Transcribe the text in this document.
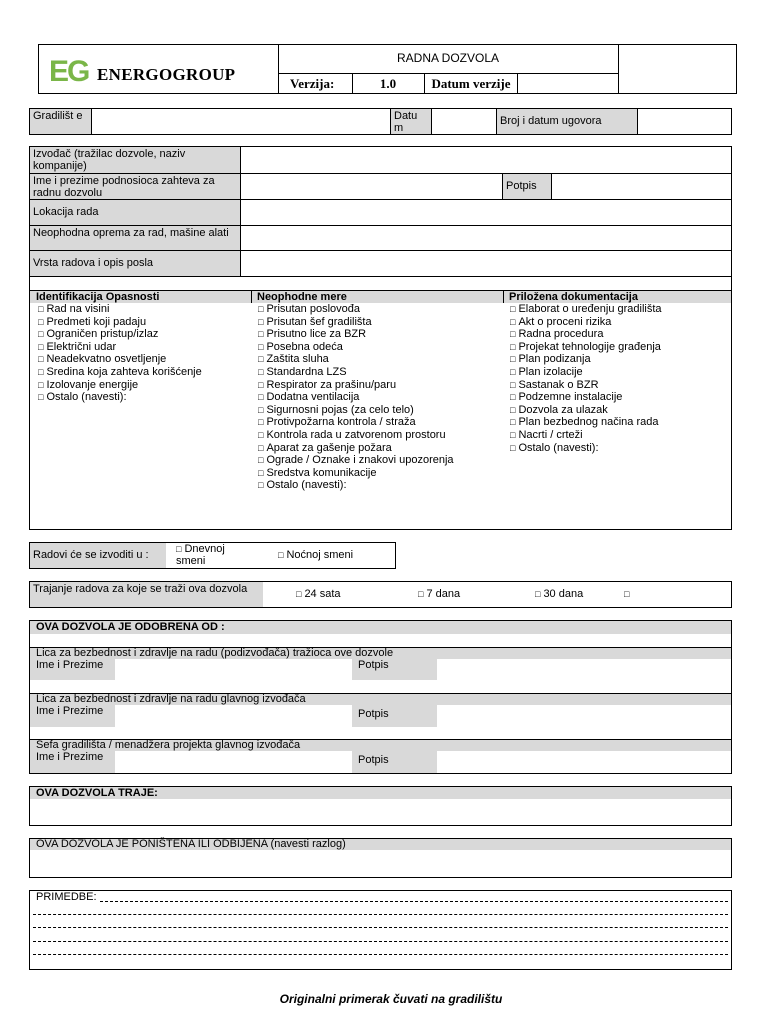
EG ENERGOGROUP
RADNA DOZVOLA
Verzija:	1.0	Datum verzije
Gradilišt e	Datu m
Broj i datum ugovora
Izvođač (tražilac dozvole, naziv kompanije)
Ime i prezime podnosioca zahteva za radnu dozvolu
Potpis
Lokacija rada
Neophodna oprema za rad, mašine alati
Vrsta radova i opis posla
Identifikacija Opasnosti
□ Rad na visini
□ Predmeti koji padaju
□ Ograničen pristup/izlaz
□ Električni udar
□ Neadekvatno osvetljenje
□ Sredina koja zahteva korišćenje
□ Izolovanje energije
□ Ostalo (navesti):
Neophodne mere
□ Prisutan poslovođa
□ Prisutan šef gradilišta
□ Prisutno lice za BZR
□ Posebna odeća
□ Zaštita sluha
□ Standardna LZS
□ Respirator za prašinu/paru
□ Dodatna ventilacija
□ Sigurnosni pojas (za celo telo)
□ Protivpožarna kontrola / straža
□ Kontrola rada u zatvorenom prostoru
□ Aparat za gašenje požara
□ Ograde / Oznake i znakovi upozorenja
□ Sredstva komunikacije
□ Ostalo (navesti):
Priložena dokumentacija
□ Elaborat o uređenju gradilišta
□ Akt o proceni rizika
□ Radna procedura
□ Projekat tehnologije građenja
□ Plan podizanja
□ Plan izolacije
□ Sastanak o BZR
□ Podzemne instalacije
□ Dozvola za ulazak
□ Plan bezbednog načina rada
□ Nacrti / crteži
□ Ostalo (navesti):
Radovi će se izvoditi u :	□ Dnevnoj smeni	□ Noćnoj smeni
Trajanje radova za koje se traži ova dozvola	□ 24 sata	□ 7 dana	□ 30 dana	□
OVA DOZVOLA JE ODOBRENA OD :
Lica za bezbednost i zdravlje na radu (podizvođača) tražioca ove dozvole
Ime i Prezime	Potpis
Lica za bezbednost i zdravlje na radu glavnog izvođača
Ime i Prezime	Potpis
Sefa gradilišta / menadžera projekta glavnog izvođača
Ime i Prezime	Potpis
OVA DOZVOLA TRAJE:
OVA DOZVOLA JE PONIŠTENA ILI ODBIJENA (navesti razlog)
PRIMEDBE:
Originalni primerak čuvati na gradilištu
